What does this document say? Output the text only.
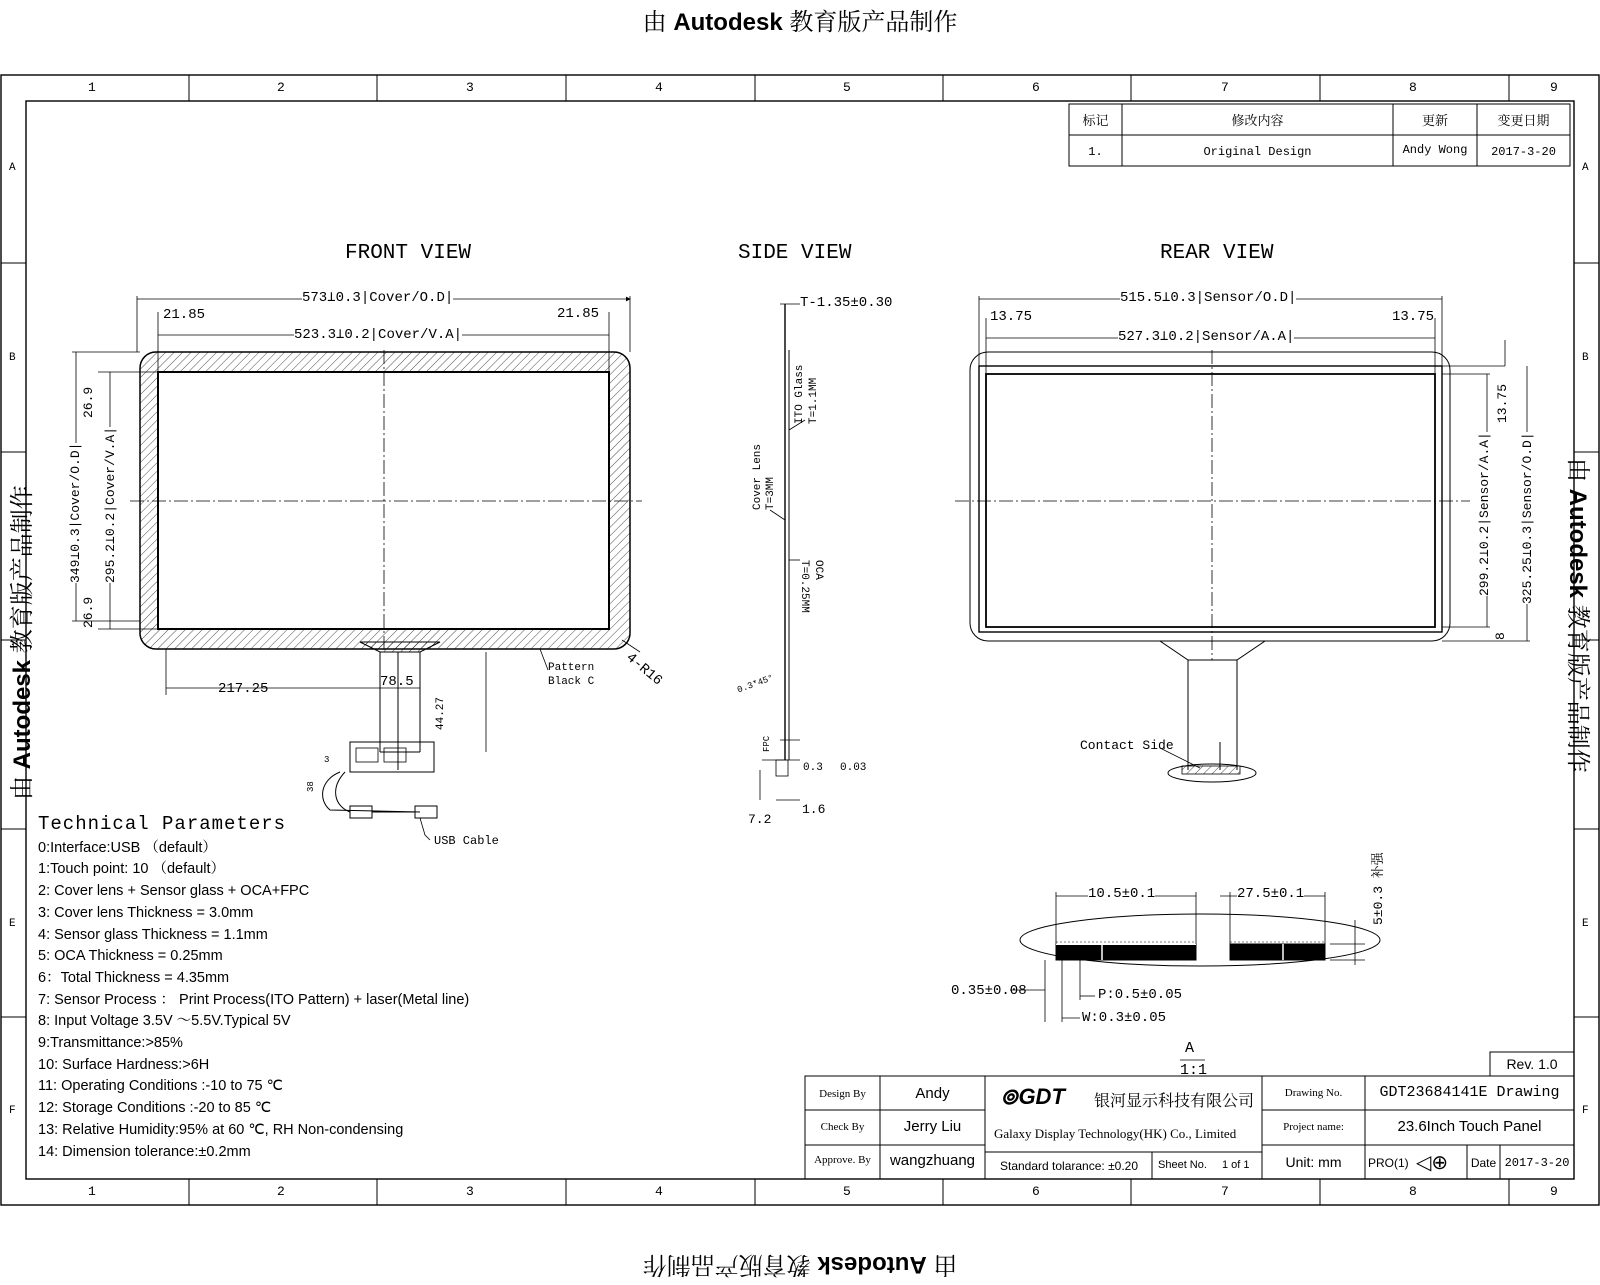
由 Autodesk 教育版产品制作
由 Autodesk 教育版产品制作
由 Autodesk 教育版产品制作
由 Autodesk 教育版产品制作
1	2	3	4	5	6	7	8	9
1	2	3	4	5	6	7	8	9
A
B
E
F
A
B
E
F
标记	修改内容	更新	变更日期
1.	Original Design	Andy Wong	2017-3-20
FRONT VIEW	SIDE VIEW	REAR VIEW
573⊥0.3|Cover/O.D|
21.85	21.85
523.3⊥0.2|Cover/V.A|
26.9
26.9
349⊥0.3|Cover/O.D| 295.2⊥0.2|Cover/V.A|
217.25	78.5
44.27
4-R16
Pattern
Black C
USB Cable
3
38
T-1.35±0.30
ITO Glass T=1.1MM
Cover Lens T=3MM
OCA
T=0.25MM
0.3*45°
FPC
0.3 0.03
7.2
1.6
515.5⊥0.3|Sensor/O.D|
13.75	13.75
527.3⊥0.2|Sensor/A.A|
13.75
299.2⊥0.2|Sensor/A.A| 325.25⊥0.3|Sensor/O.D|
8
Contact Side
10.5±0.1	27.5±0.1	5±0.3 补强
0.35±0.08	P:0.5±0.05
W:0.3±0.05
A
1:1
Technical Parameters
0:Interface:USB （default）
1:Touch point: 10 （default）
2: Cover lens + Sensor glass + OCA+FPC
3: Cover lens Thickness = 3.0mm
4: Sensor glass Thickness = 1.1mm
5: OCA Thickness = 0.25mm
6：Total Thickness = 4.35mm
7: Sensor Process ： Print Process(ITO Pattern) + laser(Metal line)
8: Input Voltage 3.5V ～5.5V.Typical 5V
9:Transmittance:>85%
10: Surface Hardness:>6H
11: Operating Conditions :-10 to 75 ℃
12: Storage Conditions :-20 to 85 ℃
13: Relative Humidity:95% at 60 ℃, RH Non-condensing
14: Dimension tolerance:±0.2mm
Rev. 1.0
Design By	Andy
Check By	Jerry Liu
Approve. By	wangzhuang
⊚GDT 银河显示科技有限公司
Galaxy Display Technology(HK) Co., Limited
Standard tolarance: ±0.20 Sheet No. 1 of 1
Drawing No.	GDT23684141E Drawing
Project name:	23.6Inch Touch Panel
Unit: mm	PRO(1) ◁⊕	Date 2017-3-20
